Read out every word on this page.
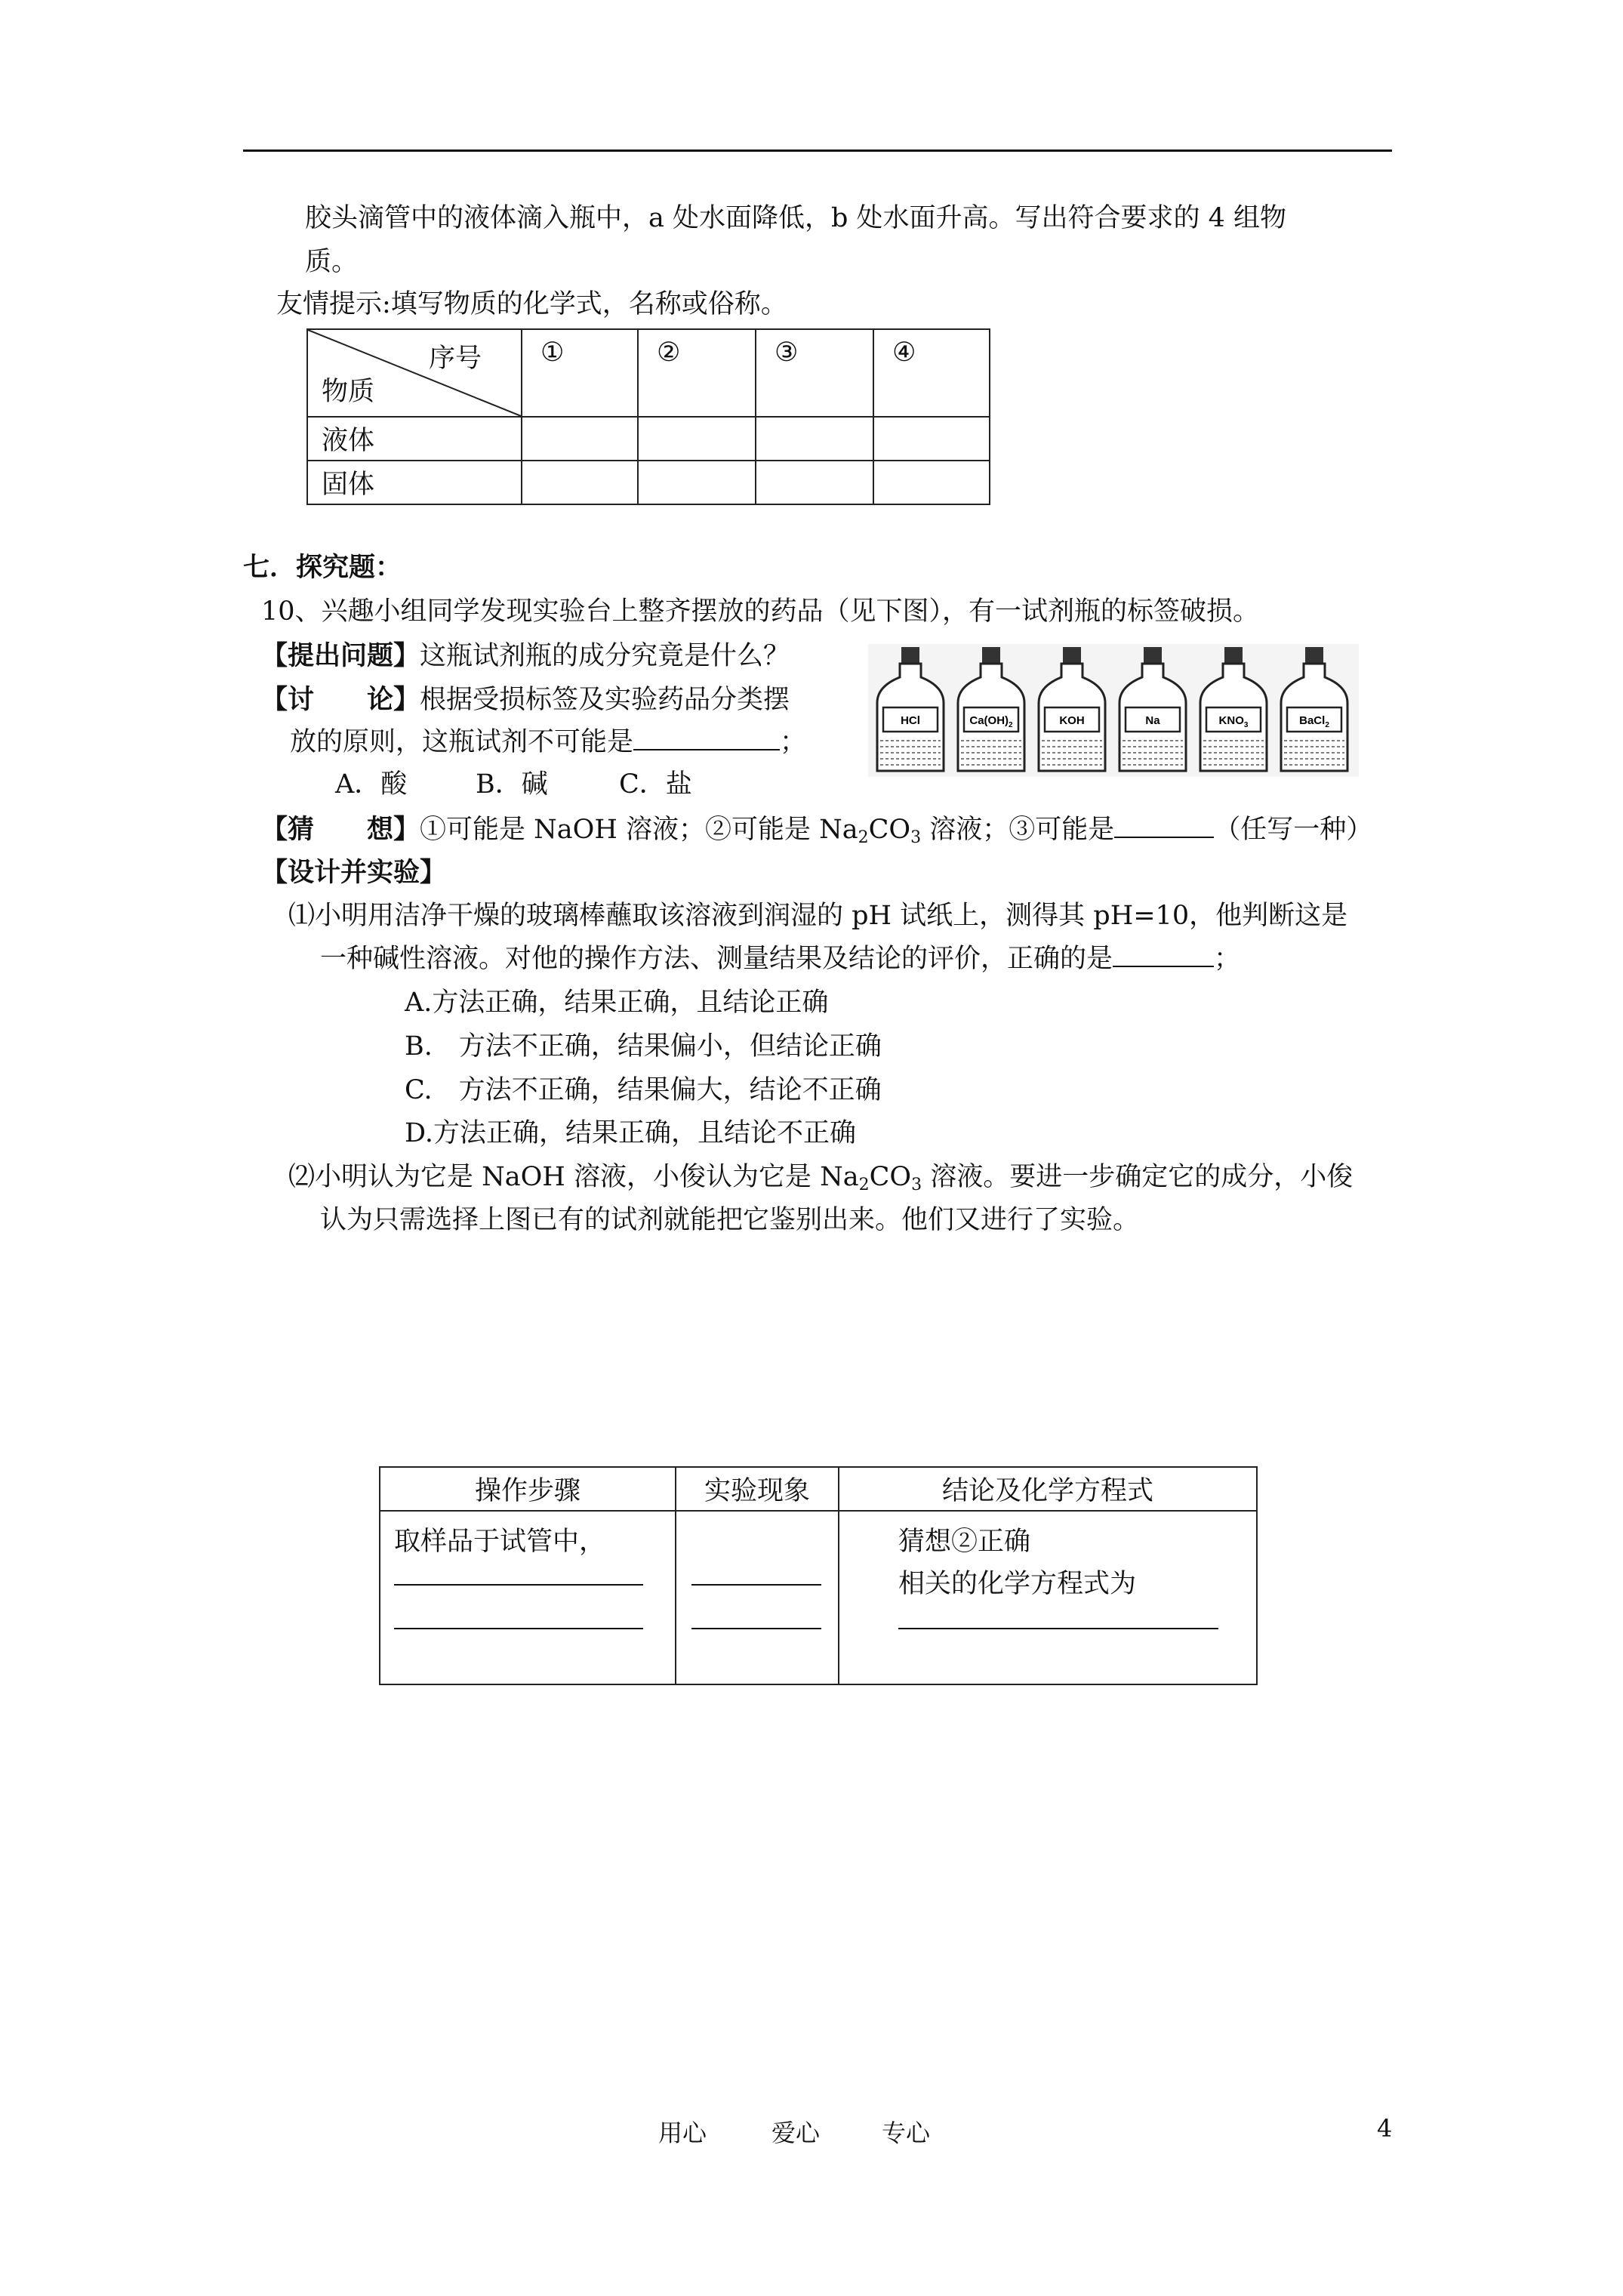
胶头滴管中的液体滴入瓶中，a 处水面降低，b 处水面升高。写出符合要求的 4 组物
质。
友情提示:填写物质的化学式，名称或俗称。
序号
物质	①	②	③	④
液体				
固体				
七．探究题：
10、兴趣小组同学发现实验台上整齐摆放的药品（见下图），有一试剂瓶的标签破损。
【提出问题】这瓶试剂瓶的成分究竟是什么？
【讨　　论】根据受损标签及实验药品分类摆
放的原则，这瓶试剂不可能是	；
A．酸	B．碱	C．盐
HCl	$Ca(OH)_2$	KOH	Na	$KNO_3$	BaCl$_2$
【猜　　想】①可能是 NaOH 溶液；②可能是 $Na_2CO_3$ 溶液；③可能是	（任写一种）
【设计并实验】
⑴小明用洁净干燥的玻璃棒蘸取该溶液到润湿的 pH 试纸上，测得其 pH=10，他判断这是
一种碱性溶液。对他的操作方法、测量结果及结论的评价，正确的是	；
A.方法正确，结果正确，且结论正确
B.　方法不正确，结果偏小，但结论正确
C.　方法不正确，结果偏大，结论不正确
D.方法正确，结果正确，且结论不正确
⑵小明认为它是 NaOH 溶液，小俊认为它是 $Na_2CO_3$ 溶液。要进一步确定它的成分，小俊
认为只需选择上图已有的试剂就能把它鉴别出来。他们又进行了实验。
操作步骤	实验现象	结论及化学方程式

取样品于试管中，		猜想②正确
相关的化学方程式为
用心	爱心	专心	4
